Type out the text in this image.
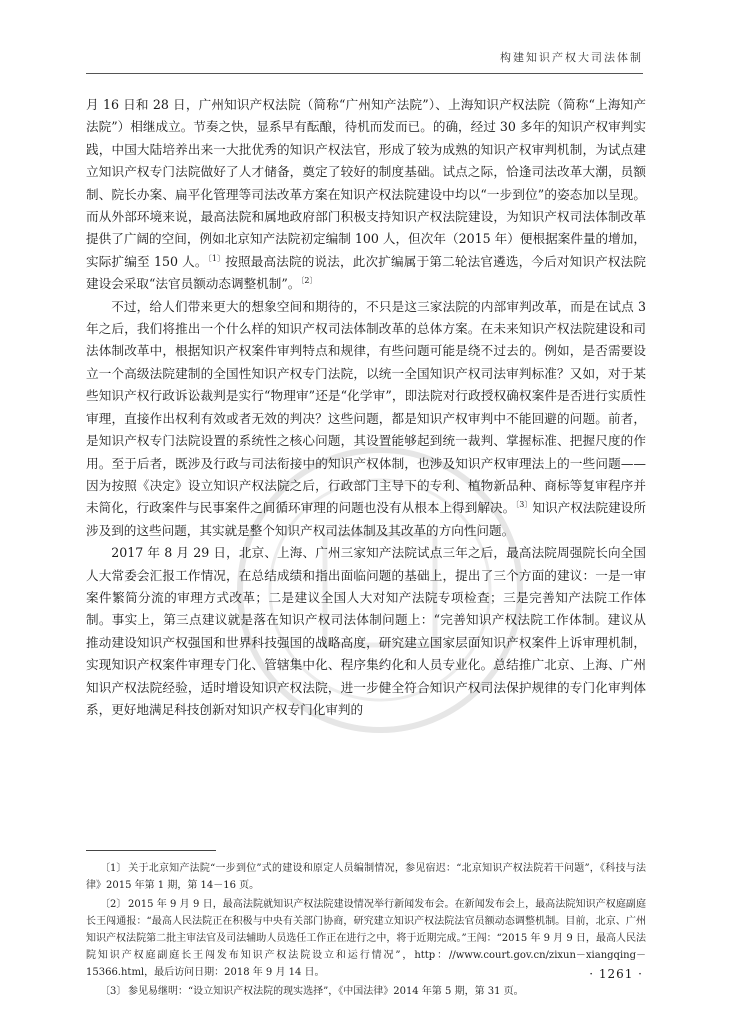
构建知识产权大司法体制

月 16 日和 28 日，广州知识产权法院（简称“广州知产法院”）、上海知识产权法院（简称“上海知产法院”）相继成立。节奏之快，显系早有酝酿，待机而发而已。的确，经过 30 多年的知识产权审判实践，中国大陆培养出来一大批优秀的知识产权法官，形成了较为成熟的知识产权审判机制，为试点建立知识产权专门法院做好了人才储备，奠定了较好的制度基础。试点之际，恰逢司法改革大潮，员额制、院长办案、扁平化管理等司法改革方案在知识产权法院建设中均以“一步到位”的姿态加以呈现。而从外部环境来说，最高法院和属地政府部门积极支持知识产权法院建设，为知识产权司法体制改革提供了广阔的空间，例如北京知产法院初定编制 100 人，但次年（2015 年）便根据案件量的增加，实际扩编至 150 人。$^{〔1〕}$按照最高法院的说法，此次扩编属于第二轮法官遴选，今后对知识产权法院建设会采取“法官员额动态调整机制”。$^{〔2〕}$

不过，给人们带来更大的想象空间和期待的，不只是这三家法院的内部审判改革，而是在试点 3 年之后，我们将推出一个什么样的知识产权司法体制改革的总体方案。在未来知识产权法院建设和司法体制改革中，根据知识产权案件审判特点和规律，有些问题可能是绕不过去的。例如，是否需要设立一个高级法院建制的全国性知识产权专门法院，以统一全国知识产权司法审判标准？又如，对于某些知识产权行政诉讼裁判是实行“物理审”还是“化学审”，即法院对行政授权确权案件是否进行实质性审理，直接作出权利有效或者无效的判决？这些问题，都是知识产权审判中不能回避的问题。前者，是知识产权专门法院设置的系统性之核心问题，其设置能够起到统一裁判、掌握标准、把握尺度的作用。至于后者，既涉及行政与司法衔接中的知识产权体制，也涉及知识产权审理法上的一些问题——因为按照《决定》设立知识产权法院之后，行政部门主导下的专利、植物新品种、商标等复审程序并未简化，行政案件与民事案件之间循环审理的问题也没有从根本上得到解决。$^{〔3〕}$知识产权法院建设所涉及到的这些问题，其实就是整个知识产权司法体制及其改革的方向性问题。

2017 年 8 月 29 日，北京、上海、广州三家知产法院试点三年之后，最高法院周强院长向全国人大常委会汇报工作情况，在总结成绩和指出面临问题的基础上，提出了三个方面的建议：一是一审案件繁简分流的审理方式改革；二是建议全国人大对知产法院专项检查；三是完善知产法院工作体制。事实上，第三点建议就是落在知识产权司法体制问题上：“完善知识产权法院工作体制。建议从推动建设知识产权强国和世界科技强国的战略高度，研究建立国家层面知识产权案件上诉审理机制，实现知识产权案件审理专门化、管辖集中化、程序集约化和人员专业化。总结推广北京、上海、广州知识产权法院经验，适时增设知识产权法院，进一步健全符合知识产权司法保护规律的专门化审判体系，更好地满足科技创新对知识产权专门化审判的

〔1〕 关于北京知产法院“一步到位”式的建设和原定人员编制情况，参见宿迟：“北京知识产权法院若干问题”，《科技与法律》2015 年第 1 期，第 14－16 页。

〔2〕 2015 年 9 月 9 日，最高法院就知识产权法院建设情况举行新闻发布会。在新闻发布会上，最高法院知识产权庭副庭长王闯通报：“最高人民法院正在积极与中央有关部门协商，研究建立知识产权法院法官员额动态调整机制。目前，北京、广州知识产权法院第二批主审法官及司法辅助人员选任工作正在进行之中，将于近期完成。”王闯：“2015 年 9 月 9 日，最高人民法院知识产权庭副庭长王闯发布知识产权法院设立和运行情况”，http：//www.court.gov.cn/zixun－xiangqing－15366.html，最后访问日期：2018 年 9 月 14 日。

〔3〕 参见易继明：“设立知识产权法院的现实选择”，《中国法律》2014 年第 5 期，第 31 页。

· 1261 ·
